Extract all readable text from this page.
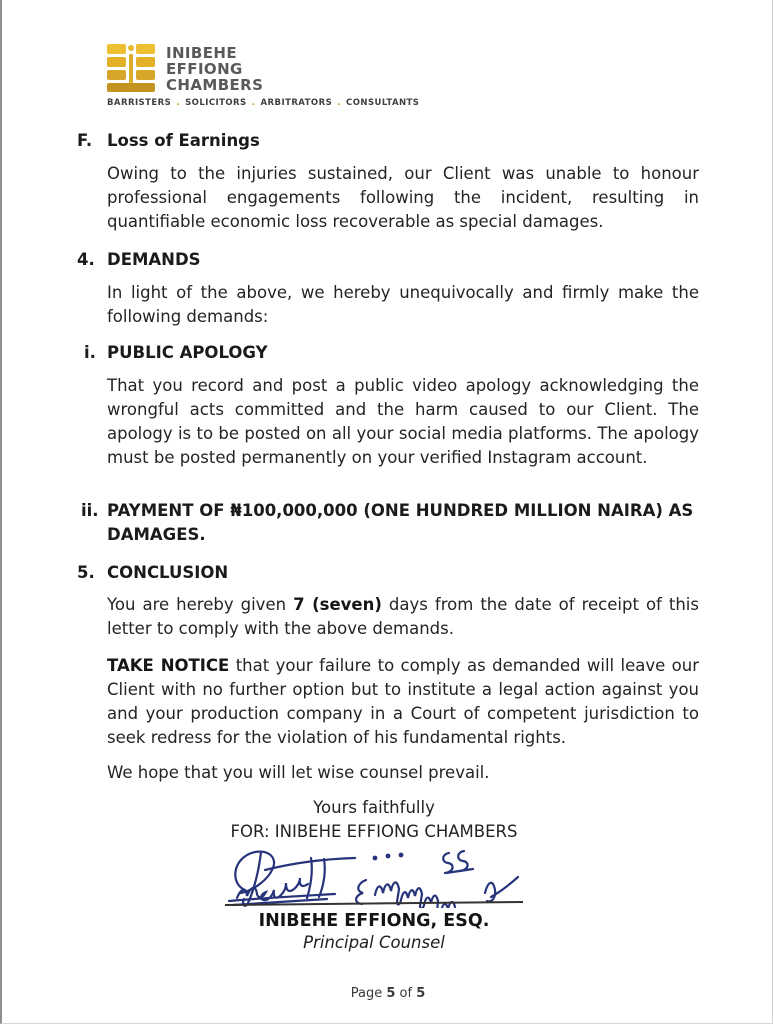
INIBEHE
EFFIONG
CHAMBERS
BARRISTERS . SOLICITORS . ARBITRATORS . CONSULTANTS
F. Loss of Earnings

Owing to the injuries sustained, our Client was unable to honour professional engagements following the incident, resulting in quantifiable economic loss recoverable as special damages.

4. DEMANDS

In light of the above, we hereby unequivocally and firmly make the following demands:

i. PUBLIC APOLOGY

That you record and post a public video apology acknowledging the wrongful acts committed and the harm caused to our Client. The apology is to be posted on all your social media platforms. The apology must be posted permanently on your verified Instagram account.

ii. PAYMENT OF ₦100,000,000 (ONE HUNDRED MILLION NAIRA) AS DAMAGES.
5. CONCLUSION

You are hereby given 7 (seven) days from the date of receipt of this letter to comply with the above demands.

TAKE NOTICE that your failure to comply as demanded will leave our Client with no further option but to institute a legal action against you and your production company in a Court of competent jurisdiction to seek redress for the violation of his fundamental rights.

We hope that you will let wise counsel prevail.

Yours faithfully
FOR: INIBEHE EFFIONG CHAMBERS
INIBEHE EFFIONG, ESQ.
Principal Counsel
Page 5 of 5
